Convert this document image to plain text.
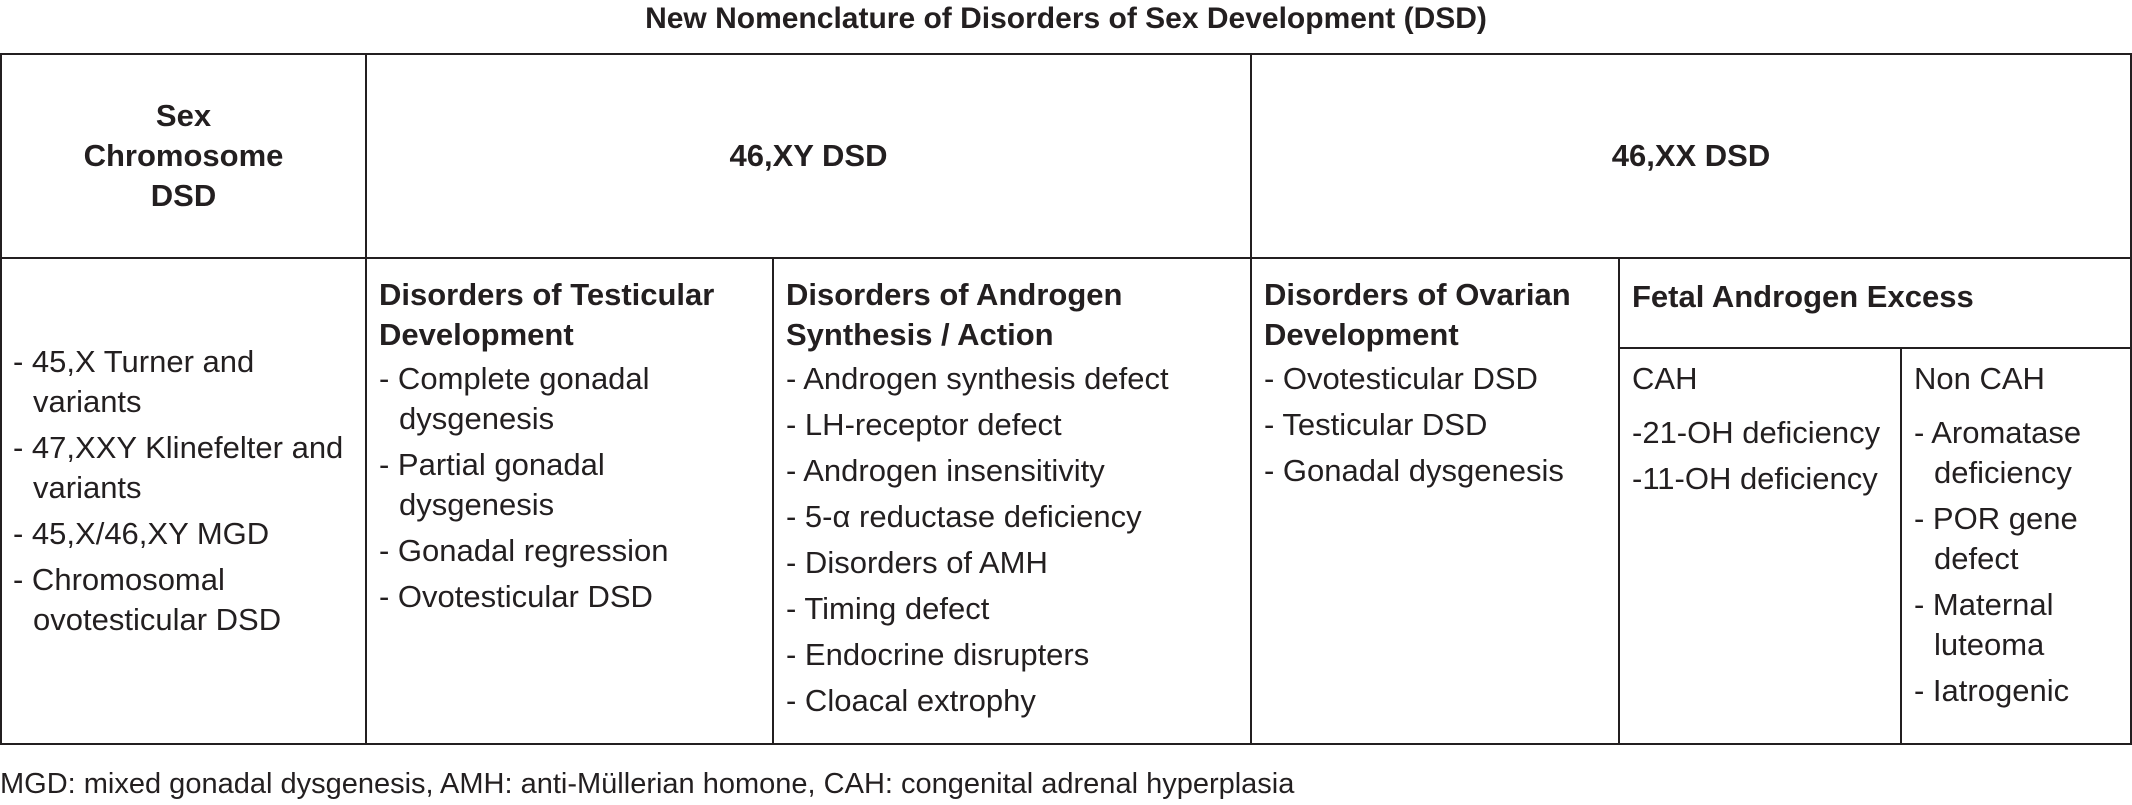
New Nomenclature of Disorders of Sex Development (DSD)
Sex
Chromosome
DSD
46,XY DSD	46,XX DSD
- 45,X Turner and variants
- 47,XXY Klinefelter and variants
- 45,X/46,XY MGD
- Chromosomal ovotesticular DSD
Disorders of Testicular Development
- Complete gonadal dysgenesis
- Partial gonadal dysgenesis
- Gonadal regression
- Ovotesticular DSD
Disorders of Androgen Synthesis / Action
- Androgen synthesis defect
- LH-receptor defect
- Androgen insensitivity
- 5-α reductase deficiency
- Disorders of AMH
- Timing defect
- Endocrine disrupters
- Cloacal extrophy
Disorders of Ovarian Development
- Ovotesticular DSD
- Testicular DSD
- Gonadal dysgenesis
Fetal Androgen Excess
CAH
-21-OH deficiency
-11-OH deficiency
Non CAH
- Aromatase deficiency
- POR gene defect
- Maternal luteoma
- Iatrogenic
MGD: mixed gonadal dysgenesis, AMH: anti-Müllerian homone, CAH: congenital adrenal hyperplasia
